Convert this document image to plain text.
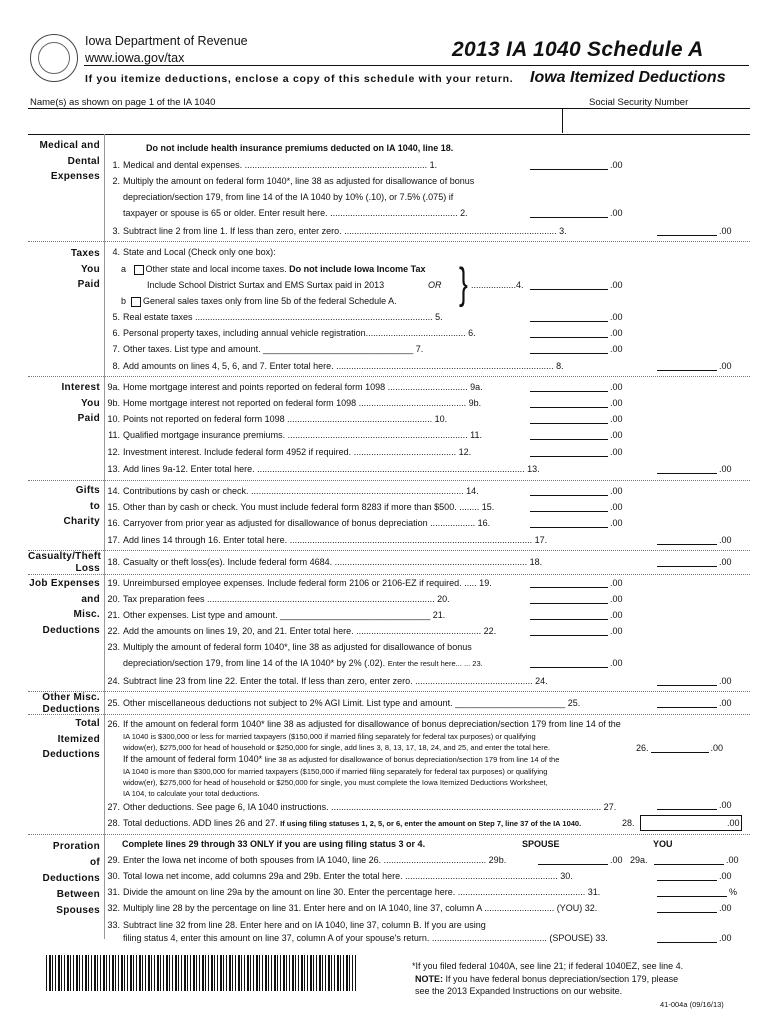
Iowa Department of Revenue
www.iowa.gov/tax	2013 IA 1040 Schedule A
If you itemize deductions, enclose a copy of this schedule with your return. Iowa Itemized Deductions
Name(s) as shown on page 1 of the IA 1040	Social Security Number
Medical and
Dental
Expenses
Do not include health insurance premiums deducted on IA 1040, line 18.
1. Medical and dental expenses. ......................................................................... 1.	.00
2. Multiply the amount on federal form 1040*, line 38 as adjusted for disallowance of bonus
depreciation/section 179, from line 14 of the IA 1040 by 10% (.10), or 7.5% (.075) if
taxpayer or spouse is 65 or older. Enter result here. ................................................... 2.	.00
3. Subtract line 2 from line 1. If less than zero, enter zero. ..................................................................................... 3.	.00
Taxes
You
Paid
4. State and Local (Check only one box):
a   Other state and local income taxes. Do not include Iowa Income Tax
Include School District Surtax and EMS Surtax paid in 2013	OR } ..................4.	.00
b  General sales taxes only from line 5b of the federal Schedule A.
5. Real estate taxes ............................................................................................... 5.	.00
6. Personal property taxes, including annual vehicle registration........................................ 6.	.00
7. Other taxes. List type and amount. ______________________________ 7.	.00
8. Add amounts on lines 4, 5, 6, and 7. Enter total here. ....................................................................................... 8.	.00
Interest
You
Paid
9a. Home mortgage interest and points reported on federal form 1098 ................................ 9a.	.00
9b. Home mortgage interest not reported on federal form 1098 ........................................... 9b.	.00
10. Points not reported on federal form 1098 .......................................................... 10.	.00
11. Qualified mortgage insurance premiums. ........................................................................ 11.	.00
12. Investment interest. Include federal form 4952 if required. ......................................... 12.	.00
13. Add lines 9a-12. Enter total here. ........................................................................................................... 13.	.00
Gifts
to
Charity
14. Contributions by cash or check. ..................................................................................... 14.	.00
15. Other than by cash or check. You must include federal form 8283 if more than $500. ........ 15.	.00
16. Carryover from prior year as adjusted for disallowance of bonus depreciation .................. 16.	.00
17. Add lines 14 through 16. Enter total here. ................................................................................................. 17.	.00
Casualty/Theft
Loss
18. Casualty or theft loss(es). Include federal form 4684. ............................................................................. 18.	.00
Job Expenses
and
Misc.
Deductions
19. Unreimbursed employee expenses. Include federal form 2106 or 2106-EZ if required. ..... 19.	.00
20. Tax preparation fees ........................................................................................... 20.	.00
21. Other expenses. List type and amount. ______________________________ 21.	.00
22. Add the amounts on lines 19, 20, and 21. Enter total here. .................................................. 22.	.00
23. Multiply the amount of federal form 1040*, line 38 as adjusted for disallowance of bonus
depreciation/section 179, from line 14 of the IA 1040* by 2% (.02). Enter the result here... ... 23.	.00
24. Subtract line 23 from line 22. Enter the total. If less than zero, enter zero. ............................................... 24.	.00
Other Misc.
Deductions
25. Other miscellaneous deductions not subject to 2% AGI Limit. List type and amount. ______________________ 25.	.00
Total
Itemized
Deductions
26. If the amount on federal form 1040* line 38 as adjusted for disallowance of bonus depreciation/section 179 from line 14 of the
IA 1040 is $300,000 or less for married taxpayers ($150,000 if married filing separately for federal tax purposes) or qualifying
widow(er), $275,000 for head of household or $250,000 for single, add lines 3, 8, 13, 17, 18, 24, and 25, and enter the total here.
If the amount of federal form 1040* line 38 as adjusted for disallowance of bonus depreciation/section 179 from line 14 of the
IA 1040 is more than $300,000 for married taxpayers ($150,000 if married filing separately for federal tax purposes) or qualifying
widow(er), $275,000 for head of household or $250,000 for single, you must complete the Iowa Itemized Deductions Worksheet,
IA 104, to calculate your total deductions.
26.	.00
27. Other deductions. See page 6, IA 1040 instructions. ............................................................................................................ 27.	.00
28. Total deductions. ADD lines 26 and 27. If using filing statuses 1, 2, 5, or 6, enter the amount on Step 7, line 37 of the IA 1040.	28.	.00
Proration
of
Deductions
Between
Spouses
Complete lines 29 through 33 ONLY if you are using filing status 3 or 4.	SPOUSE	YOU
29. Enter the Iowa net income of both spouses from IA 1040, line 26. ......................................... 29b.	.00 29a.	.00
30. Total Iowa net income, add columns 29a and 29b. Enter the total here. ............................................................. 30.	.00
31. Divide the amount on line 29a by the amount on line 30. Enter the percentage here. ................................................... 31.	%
32. Multiply line 28 by the percentage on line 31. Enter here and on IA 1040, line 37, column A ............................ (YOU) 32.	.00
33. Subtract line 32 from line 28. Enter here and on IA 1040, line 37, column B. If you are using
filing status 4, enter this amount on line 37, column A of your spouse's return. .............................................. (SPOUSE) 33.	.00
*If you filed federal 1040A, see line 21; if federal 1040EZ, see line 4.
NOTE: If you have federal bonus depreciation/section 179, please
see the 2013 Expanded Instructions on our website.
41-004a (09/16/13)
